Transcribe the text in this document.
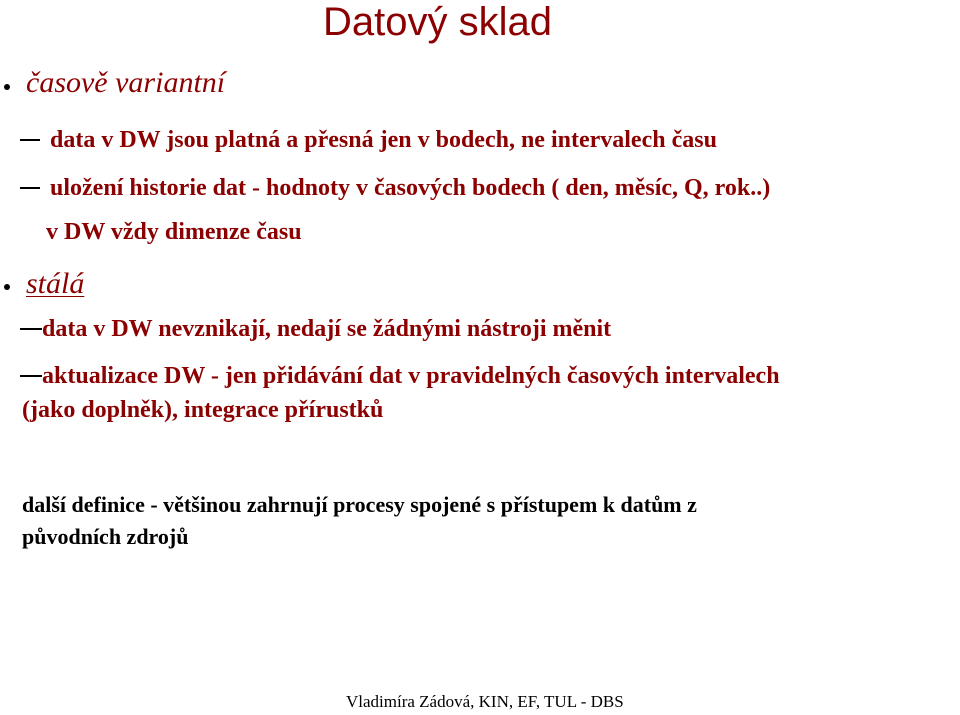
Datový sklad
časově variantní
data v DW jsou platná a přesná jen v bodech, ne intervalech času
uložení historie dat - hodnoty v časových bodech ( den, měsíc, Q, rok..)
v DW vždy dimenze času
stálá
data v DW nevznikají, nedají se žádnými nástroji měnit
aktualizace DW - jen přidávání dat v pravidelných časových intervalech
(jako doplněk), integrace přírustků
další definice - většinou zahrnují procesy spojené s přístupem k datům z
původních zdrojů
Vladimíra Zádová, KIN, EF, TUL - DBS
